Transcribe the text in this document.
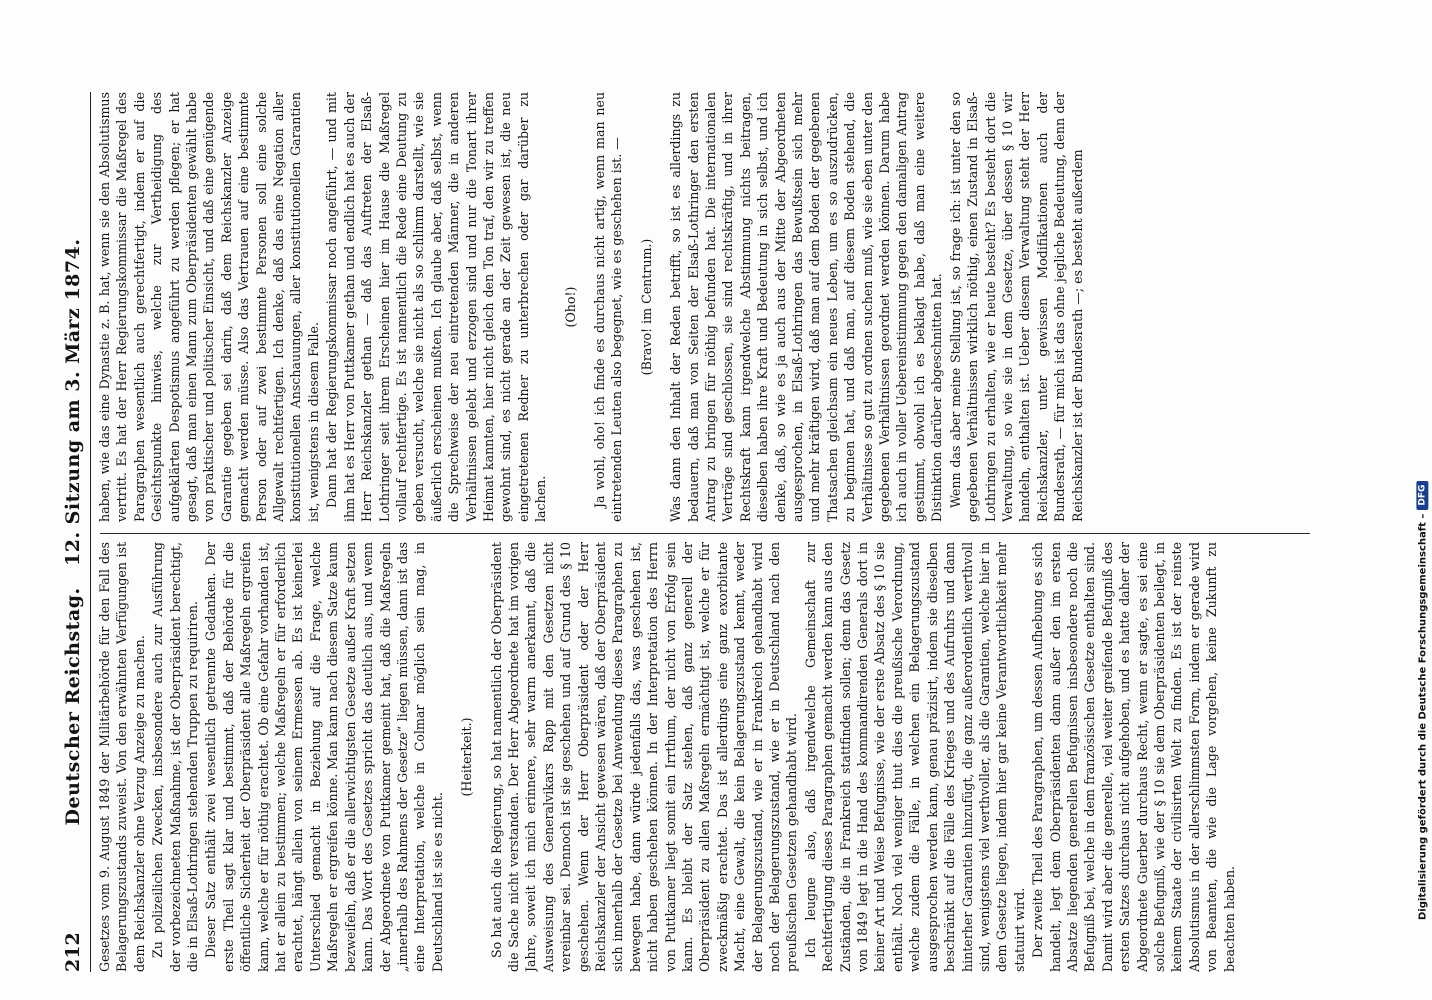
212
Deutscher Reichstag.   12. Sitzung am 3. März 1874.

Gesetzes vom 9. August 1849 der Militärbehörde für den Fall des Belagerungszustands zuweist. Von den erwähnten Verfügungen ist dem Reichskanzler ohne Verzug Anzeige zu machen. Zu polizeilichen Zwecken, insbesondere auch zur Ausführung der vorbezeichneten Maßnahme, ist der Oberpräsident berechtigt, die in Elsaß-Lothringen stehenden Truppen zu requiriren. Dieser Satz enthält zwei wesentlich getrennte Gedanken. Der erste Theil sagt klar und bestimmt, daß der Behörde für die öffentliche Sicherheit der Oberpräsident alle Maßregeln ergreifen kann, welche er für nöthig erachtet. Ob eine Gefahr vorhanden ist, hat er allein zu bestimmen; welche Maßregeln er für erforderlich erachtet, hängt allein von seinem Ermessen ab. Es ist keinerlei Unterschied gemacht in Beziehung auf die Frage, welche Maßregeln er ergreifen könne. Man kann nach diesem Satze kaum bezweifeln, daß er die allerwichtigsten Gesetze außer Kraft setzen kann. Das Wort des Gesetzes spricht das deutlich aus, und wenn der Abgeordnete von Puttkamer gemeint hat, daß die Maßregeln „innerhalb des Rahmens der Gesetze“ liegen müssen, dann ist das eine Interpretation, welche in Colmar möglich sein mag, in Deutschland ist sie es nicht.

(Heiterkeit.) So hat auch die Regierung, so hat namentlich der Oberpräsident die Sache nicht verstanden. Der Herr Abgeordnete hat im vorigen Jahre, soweit ich mich erinnere, sehr warm anerkannt, daß die Ausweisung des Generalvikars Rapp mit den Gesetzen nicht vereinbar sei. Dennoch ist sie geschehen und auf Grund des § 10 geschehen. Wenn der Herr Oberpräsident oder der Herr Reichskanzler der Ansicht gewesen wären, daß der Oberpräsident sich innerhalb der Gesetze bei Anwendung dieses Paragraphen zu bewegen habe, dann würde jedenfalls das, was geschehen ist, nicht haben geschehen können. In der Interpretation des Herrn von Puttkamer liegt somit ein Irrthum, der nicht von Erfolg sein kann. Es bleibt der Satz stehen, daß ganz generell der Oberpräsident zu allen Maßregeln ermächtigt ist, welche er für zweckmäßig erachtet. Das ist allerdings eine ganz exorbitante Macht, eine Gewalt, die kein Belagerungszustand kennt, weder der Belagerungszustand, wie er in Frankreich gehandhabt wird noch der Belagerungszustand, wie er in Deutschland nach den preußischen Gesetzen gehandhabt wird. Ich leugne also, daß irgendwelche Gemeinschaft zur Rechtfertigung dieses Paragraphen gemacht werden kann aus den Zuständen, die in Frankreich stattfinden sollen; denn das Gesetz von 1849 legt in die Hand des kommandirenden Generals dort in keiner Art und Weise Befugnisse, wie der erste Absatz des § 10 sie enthält. Noch viel weniger thut dies die preußische Verordnung, welche zudem die Fälle, in welchen ein Belagerungszustand ausgesprochen werden kann, genau präzisirt, indem sie dieselben beschränkt auf die Fälle des Krieges und des Aufruhrs und dann hinterher Garantien hinzufügt, die ganz außerordentlich werthvoll sind, wenigstens viel werthvoller, als die Garantien, welche hier in dem Gesetze liegen, indem hier gar keine Verantwortlichkeit mehr statuirt wird. Der zweite Theil des Paragraphen, um dessen Aufhebung es sich handelt, legt dem Oberpräsidenten dann außer den im ersten Absatze liegenden generellen Befugnissen insbesondere noch die Befugniß bei, welche in dem französischen Gesetze enthalten sind. Damit wird aber die generelle, viel weiter greifende Befugniß des ersten Satzes durchaus nicht aufgehoben, und es hatte daher der Abgeordnete Guerber durchaus Recht, wenn er sagte, es sei eine solche Befugniß, wie der § 10 sie dem Oberpräsidenten beilegt, in keinem Staate der civilisirten Welt zu finden. Es ist der reinste Absolutismus in der allerschlimmsten Form, indem er gerade wird von Beamten, die wie die Lage vorgehen, keine Zukunft zu beachten haben.

haben, wie das eine Dynastie z. B. hat, wenn sie den Absolutismus vertritt. Es hat der Herr Regierungskommissar die Maßregel des Paragraphen wesentlich auch gerechtfertigt, indem er auf die Gesichtspunkte hinwies, welche zur Vertheidigung des aufgeklärten Despotismus angeführt zu werden pflegen; er hat gesagt, daß man einen Mann zum Oberpräsidenten gewählt habe von praktischer und politischer Einsicht, und daß eine genügende Garantie gegeben sei darin, daß dem Reichskanzler Anzeige gemacht werden müsse. Also das Vertrauen auf eine bestimmte Person oder auf zwei bestimmte Personen soll eine solche Allgewalt rechtfertigen. Ich denke, daß das eine Negation aller konstitutionellen Anschauungen, aller konstitutionellen Garantien ist, wenigstens in diesem Falle. Dann hat der Regierungskommissar noch angeführt, — und mit ihm hat es Herr von Puttkamer gethan und endlich hat es auch der Herr Reichskanzler gethan — daß das Auftreten der Elsaß-Lothringer seit ihrem Erscheinen hier im Hause die Maßregel vollauf rechtfertige. Es ist namentlich die Rede eine Deutung zu geben versucht, welche sie nicht als so schlimm darstellt, wie sie äußerlich erscheinen mußten. Ich glaube aber, daß selbst, wenn die Sprechweise der neu eintretenden Männer, die in anderen Verhältnissen gelebt und erzogen sind und nur die Tonart ihrer Heimat kannten, hier nicht gleich den Ton traf, den wir zu treffen gewohnt sind, es nicht gerade an der Zeit gewesen ist, die neu eingetretenen Redner zu unterbrechen oder gar darüber zu lachen.

(Oho!) Ja wohl, oho! ich finde es durchaus nicht artig, wenn man neu eintretenden Leuten also begegnet, wie es geschehen ist. — (Bravo! im Centrum.) Was dann den Inhalt der Reden betrifft, so ist es allerdings zu bedauern, daß man von Seiten der Elsaß-Lothringer den ersten Antrag zu bringen für nöthig befunden hat. Die internationalen Verträge sind geschlossen, sie sind rechtskräftig, und in ihrer Rechtskraft kann irgendwelche Abstimmung nichts beitragen, dieselben haben ihre Kraft und Bedeutung in sich selbst, und ich denke, daß, so wie es ja auch aus der Mitte der Abgeordneten ausgesprochen, in Elsaß-Lothringen das Bewußtsein sich mehr und mehr kräftigen wird, daß man auf dem Boden der gegebenen Thatsachen gleichsam ein neues Leben, um es so auszudrücken, zu beginnen hat, und daß man, auf diesem Boden stehend, die Verhältnisse so gut zu ordnen suchen muß, wie sie eben unter den gegebenen Verhältnissen geordnet werden können. Darum habe ich auch in voller Uebereinstimmung gegen den damaligen Antrag gestimmt, obwohl ich es beklagt habe, daß man eine weitere Distinktion darüber abgeschnitten hat. Wenn das aber meine Stellung ist, so frage ich: ist unter den so gegebenen Verhältnissen wirklich nöthig, einen Zustand in Elsaß-Lothringen zu erhalten, wie er heute besteht? Es besteht dort die Verwaltung, so wie sie in dem Gesetze, über dessen § 10 wir handeln, enthalten ist. Ueber diesem Verwaltung steht der Herr Reichskanzler, unter gewissen Modifikationen auch der Bundesrath, — für mich ist das ohne jegliche Bedeutung, denn der Reichskanzler ist der Bundesrath —; es besteht außerdem

Digitalisierung gefördert durch die Deutsche Forschungsgemeinschaft –
DFG
